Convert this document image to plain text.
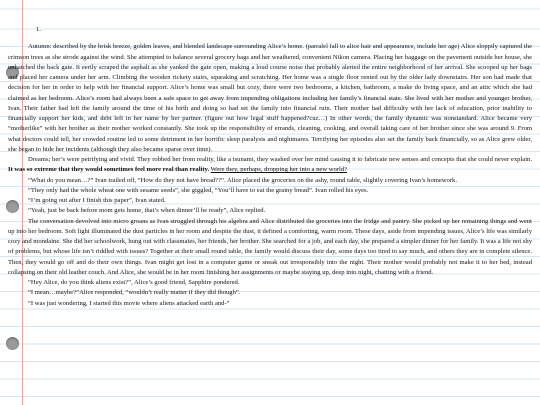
1.

Autumn: described by the brisk breeze, golden leaves, and blended landscape surrounding Alice’s home. (parralel fall to alice hair and appearance, include her age) Alice sloppily captured the crimson trees as she strode against the wind. She attempted to balance several grocery bags and her weathered, convenient Nikon camera. Placing her baggage on the pavement outside her house, she unhatched the back gate. It eerily scraped the asphalt as she yanked the gate open, making a loud course noise that probably alerted the entire neighborhood of her arrival. She scooped up her bags and placed her camera under her arm. Climbing the wooden rickety stairs, squeaking and scratching. Her home was a single floor rented out by the older lady downstairs. Her son had made that decision for her in order to help with her financial support. Alice’s home was small but cozy, there were two bedrooms, a kitchen, bathroom, a make do living space, and an attic which she had claimed as her bedroom. Alice’s room had always been a safe space to get away from impending obligations including her family’s financial state. She lived with her mother and younger brother, Ivan. Their father had left the family around the time of his birth and doing so had set the family into financial ruin. Their mother had difficulty with her lack of education, prior inability to financially support her kids, and debt left in her name by her partner. (figure out how legal stuff happened?cuz…) In other words, the family dynamic was nonstandard. Alice became very “motherlike” with her brother as their mother worked constantly. She took up the responsibility of errands, cleaning, cooking, and overall taking care of her brother since she was around 9. From what doctors could tell, her crowded routine led to some detriment in her horrific sleep paralysis and nightmares. Terrifying her episodes also set the family back financially, so as Alice grew older, she began to hide her incidents (although they also became sparse over time).

Dreams; her’s were petrifying and vivid. They robbed her from reality, like a tsunami, they washed over her mind causing it to fabricate new senses and concepts that she could never explain. It was so extreme that they would sometimes feel more real than reality. Were they, perhaps, dropping her into a new world?

“What do you mean…?” Ivan trailed off, “How do they not have bread??”. Alice placed the groceries on the ashy, round table, slightly covering Ivan’s homework.

“They only had the whole wheat one with sesame seeds”, she giggled, “You’ll have to eat the grainy bread”. Ivan rolled his eyes.

“I’m going out after I finish this paper”, Ivan stated.

“Yeah, just be back before mom gets home, that’s when dinner’ll be ready”, Alice replied.

The conversation devolved into micro groans as Ivan struggled through his algebra and Alice distributed the groceries into the fridge and pantry. She picked up her remaining things and went up into her bedroom. Soft light illuminated the dust particles in her room and despite the dust, it defined a comforting, warm room. These days, aside from impending issues, Alice’s life was similarly cozy and mondaine. She did her schoolwork, hung out with classmates, her friends, her brother. She searched for a job, and each day, she prepared a simpler dinner for her family. It was a life not shy of problems, but whose life isn’t riddled with issues? Together at their small round table, the family would discuss their day, some days too tired to say much, and others they are in complete silence. Then, they would go off and do their own things. Ivan might get lost in a computer game or sneak out irresponsibly into the night. Their mother would probably not make it to her bed, instead collapsing on their old leather couch. And Alice, she would be in her room finishing her assignments or maybe staying up, deep into night, chatting with a friend.

“Hey Alice, do you think aliens exist?”, Alice’s good friend, Sapphire pondered.

“I mean…maybe?”Alice responded, “wouldn’t really matter if they did though”.

“I was just wondering, I started this movie where aliens attacked earth and-”
